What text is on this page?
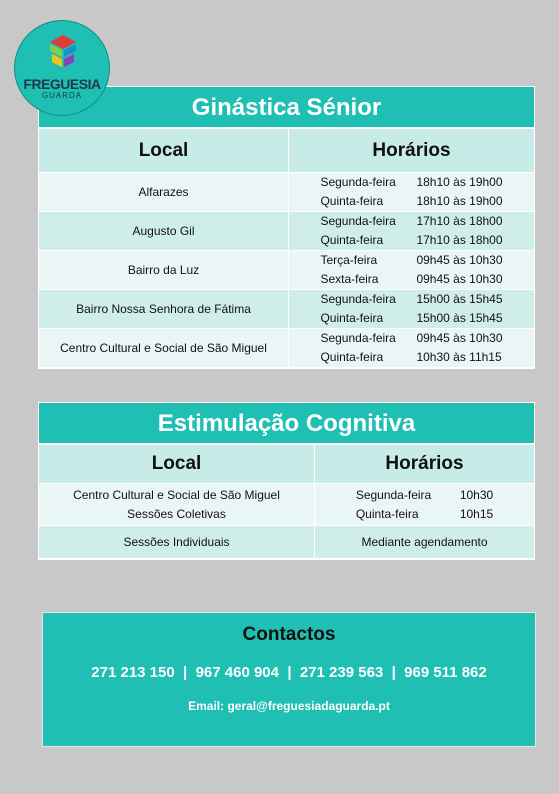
FREGUESIA
GUARDA	Ginástica Sénior
Local	Horários
Alfarazes	Segunda-feira 18h10 às 19h00
Quinta-feira 18h10 às 19h00
Augusto Gil	Segunda-feira 17h10 às 18h00
Quinta-feira 17h10 às 18h00
Bairro da Luz	Terça-feira 09h45 às 10h30
Sexta-feira 09h45 às 10h30
Bairro Nossa Senhora de Fátima	Segunda-feira 15h00 às 15h45
Quinta-feira 15h00 às 15h45
Centro Cultural e Social de São Miguel	Segunda-feira 09h45 às 10h30
Quinta-feira 10h30 às 11h15
Estimulação Cognitiva
Local	Horários

Centro Cultural e Social de São Miguel
Sessões Coletivas	Segunda-feira 10h30
Quinta-feira 10h15
Sessões Individuais	Mediante agendamento
Contactos
271 213 150  |  967 460 904  |  271 239 563  |  969 511 862
Email: geral@freguesiadaguarda.pt
